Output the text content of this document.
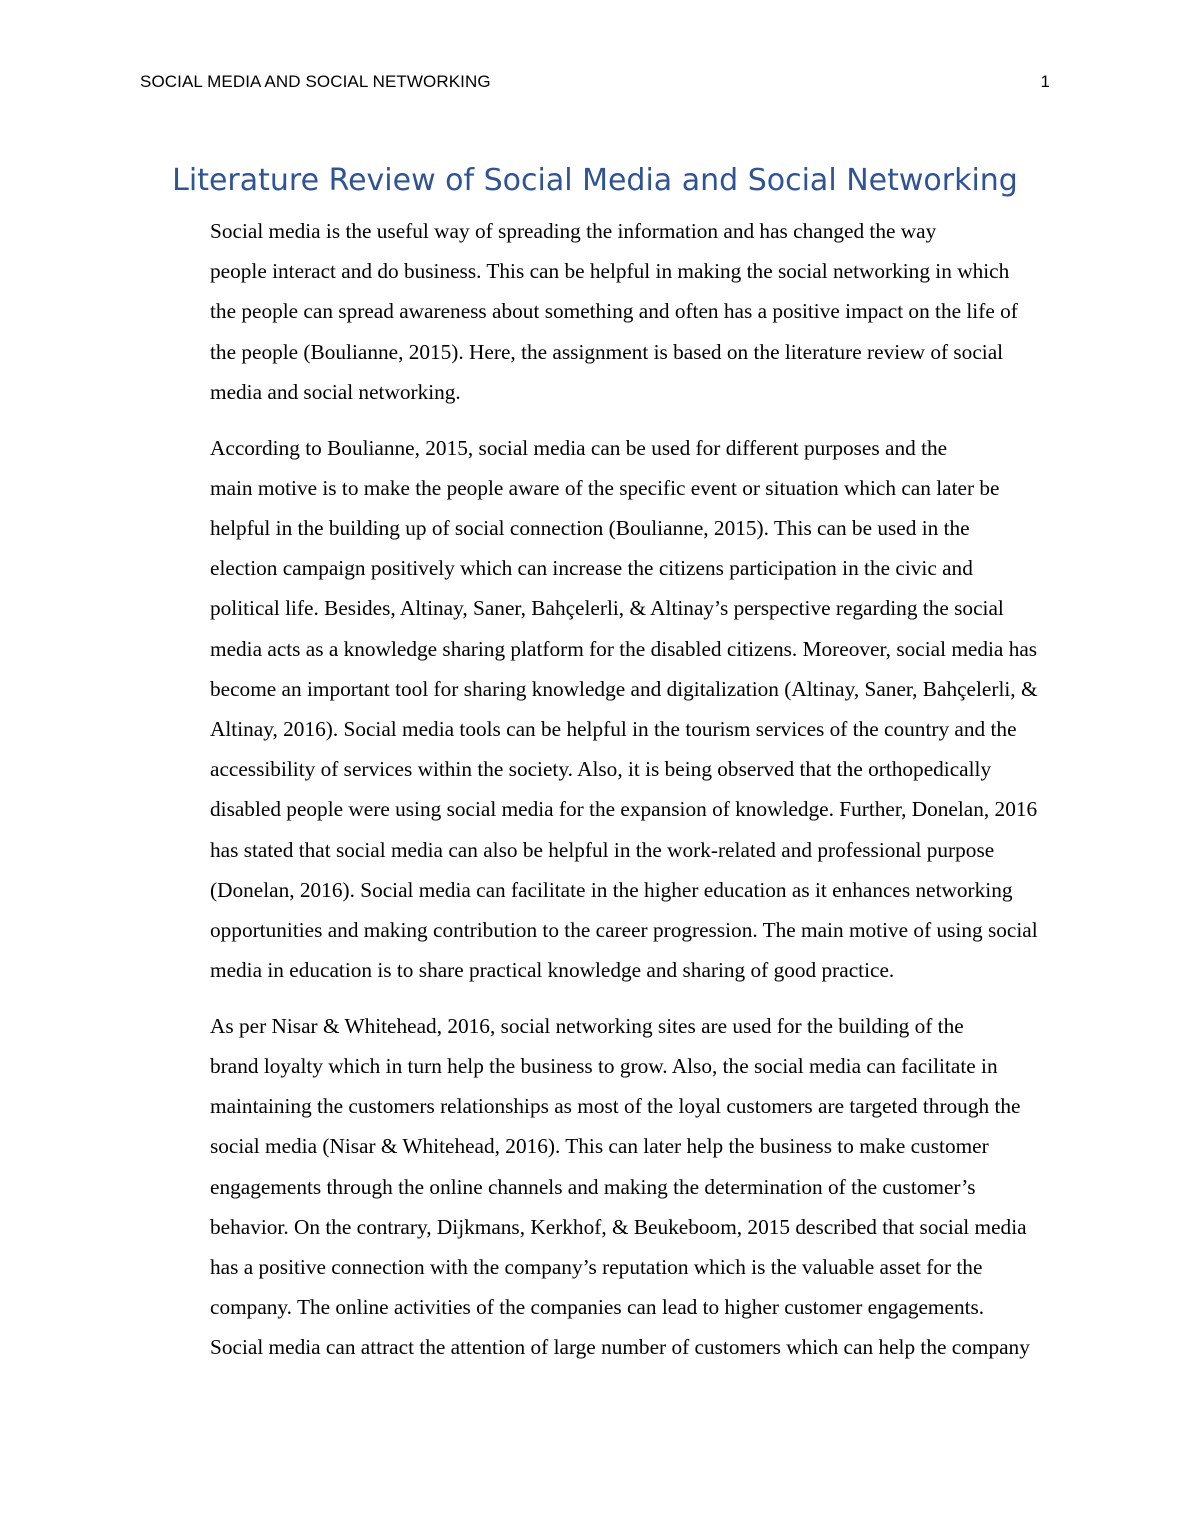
SOCIAL MEDIA AND SOCIAL NETWORKING	1
Literature Review of Social Media and Social Networking

Social media is the useful way of spreading the information and has changed the way
people interact and do business. This can be helpful in making the social networking in which
the people can spread awareness about something and often has a positive impact on the life of
the people (Boulianne, 2015). Here, the assignment is based on the literature review of social
media and social networking.

According to Boulianne, 2015, social media can be used for different purposes and the
main motive is to make the people aware of the specific event or situation which can later be
helpful in the building up of social connection (Boulianne, 2015). This can be used in the
election campaign positively which can increase the citizens participation in the civic and
political life. Besides, Altinay, Saner, Bahçelerli, & Altinay’s perspective regarding the social
media acts as a knowledge sharing platform for the disabled citizens. Moreover, social media has
become an important tool for sharing knowledge and digitalization (Altinay, Saner, Bahçelerli, &
Altinay, 2016). Social media tools can be helpful in the tourism services of the country and the
accessibility of services within the society. Also, it is being observed that the orthopedically
disabled people were using social media for the expansion of knowledge. Further, Donelan, 2016
has stated that social media can also be helpful in the work-related and professional purpose
(Donelan, 2016). Social media can facilitate in the higher education as it enhances networking
opportunities and making contribution to the career progression. The main motive of using social
media in education is to share practical knowledge and sharing of good practice.

As per Nisar & Whitehead, 2016, social networking sites are used for the building of the
brand loyalty which in turn help the business to grow. Also, the social media can facilitate in
maintaining the customers relationships as most of the loyal customers are targeted through the
social media (Nisar & Whitehead, 2016). This can later help the business to make customer
engagements through the online channels and making the determination of the customer’s
behavior. On the contrary, Dijkmans, Kerkhof, & Beukeboom, 2015 described that social media
has a positive connection with the company’s reputation which is the valuable asset for the
company. The online activities of the companies can lead to higher customer engagements.
Social media can attract the attention of large number of customers which can help the company
